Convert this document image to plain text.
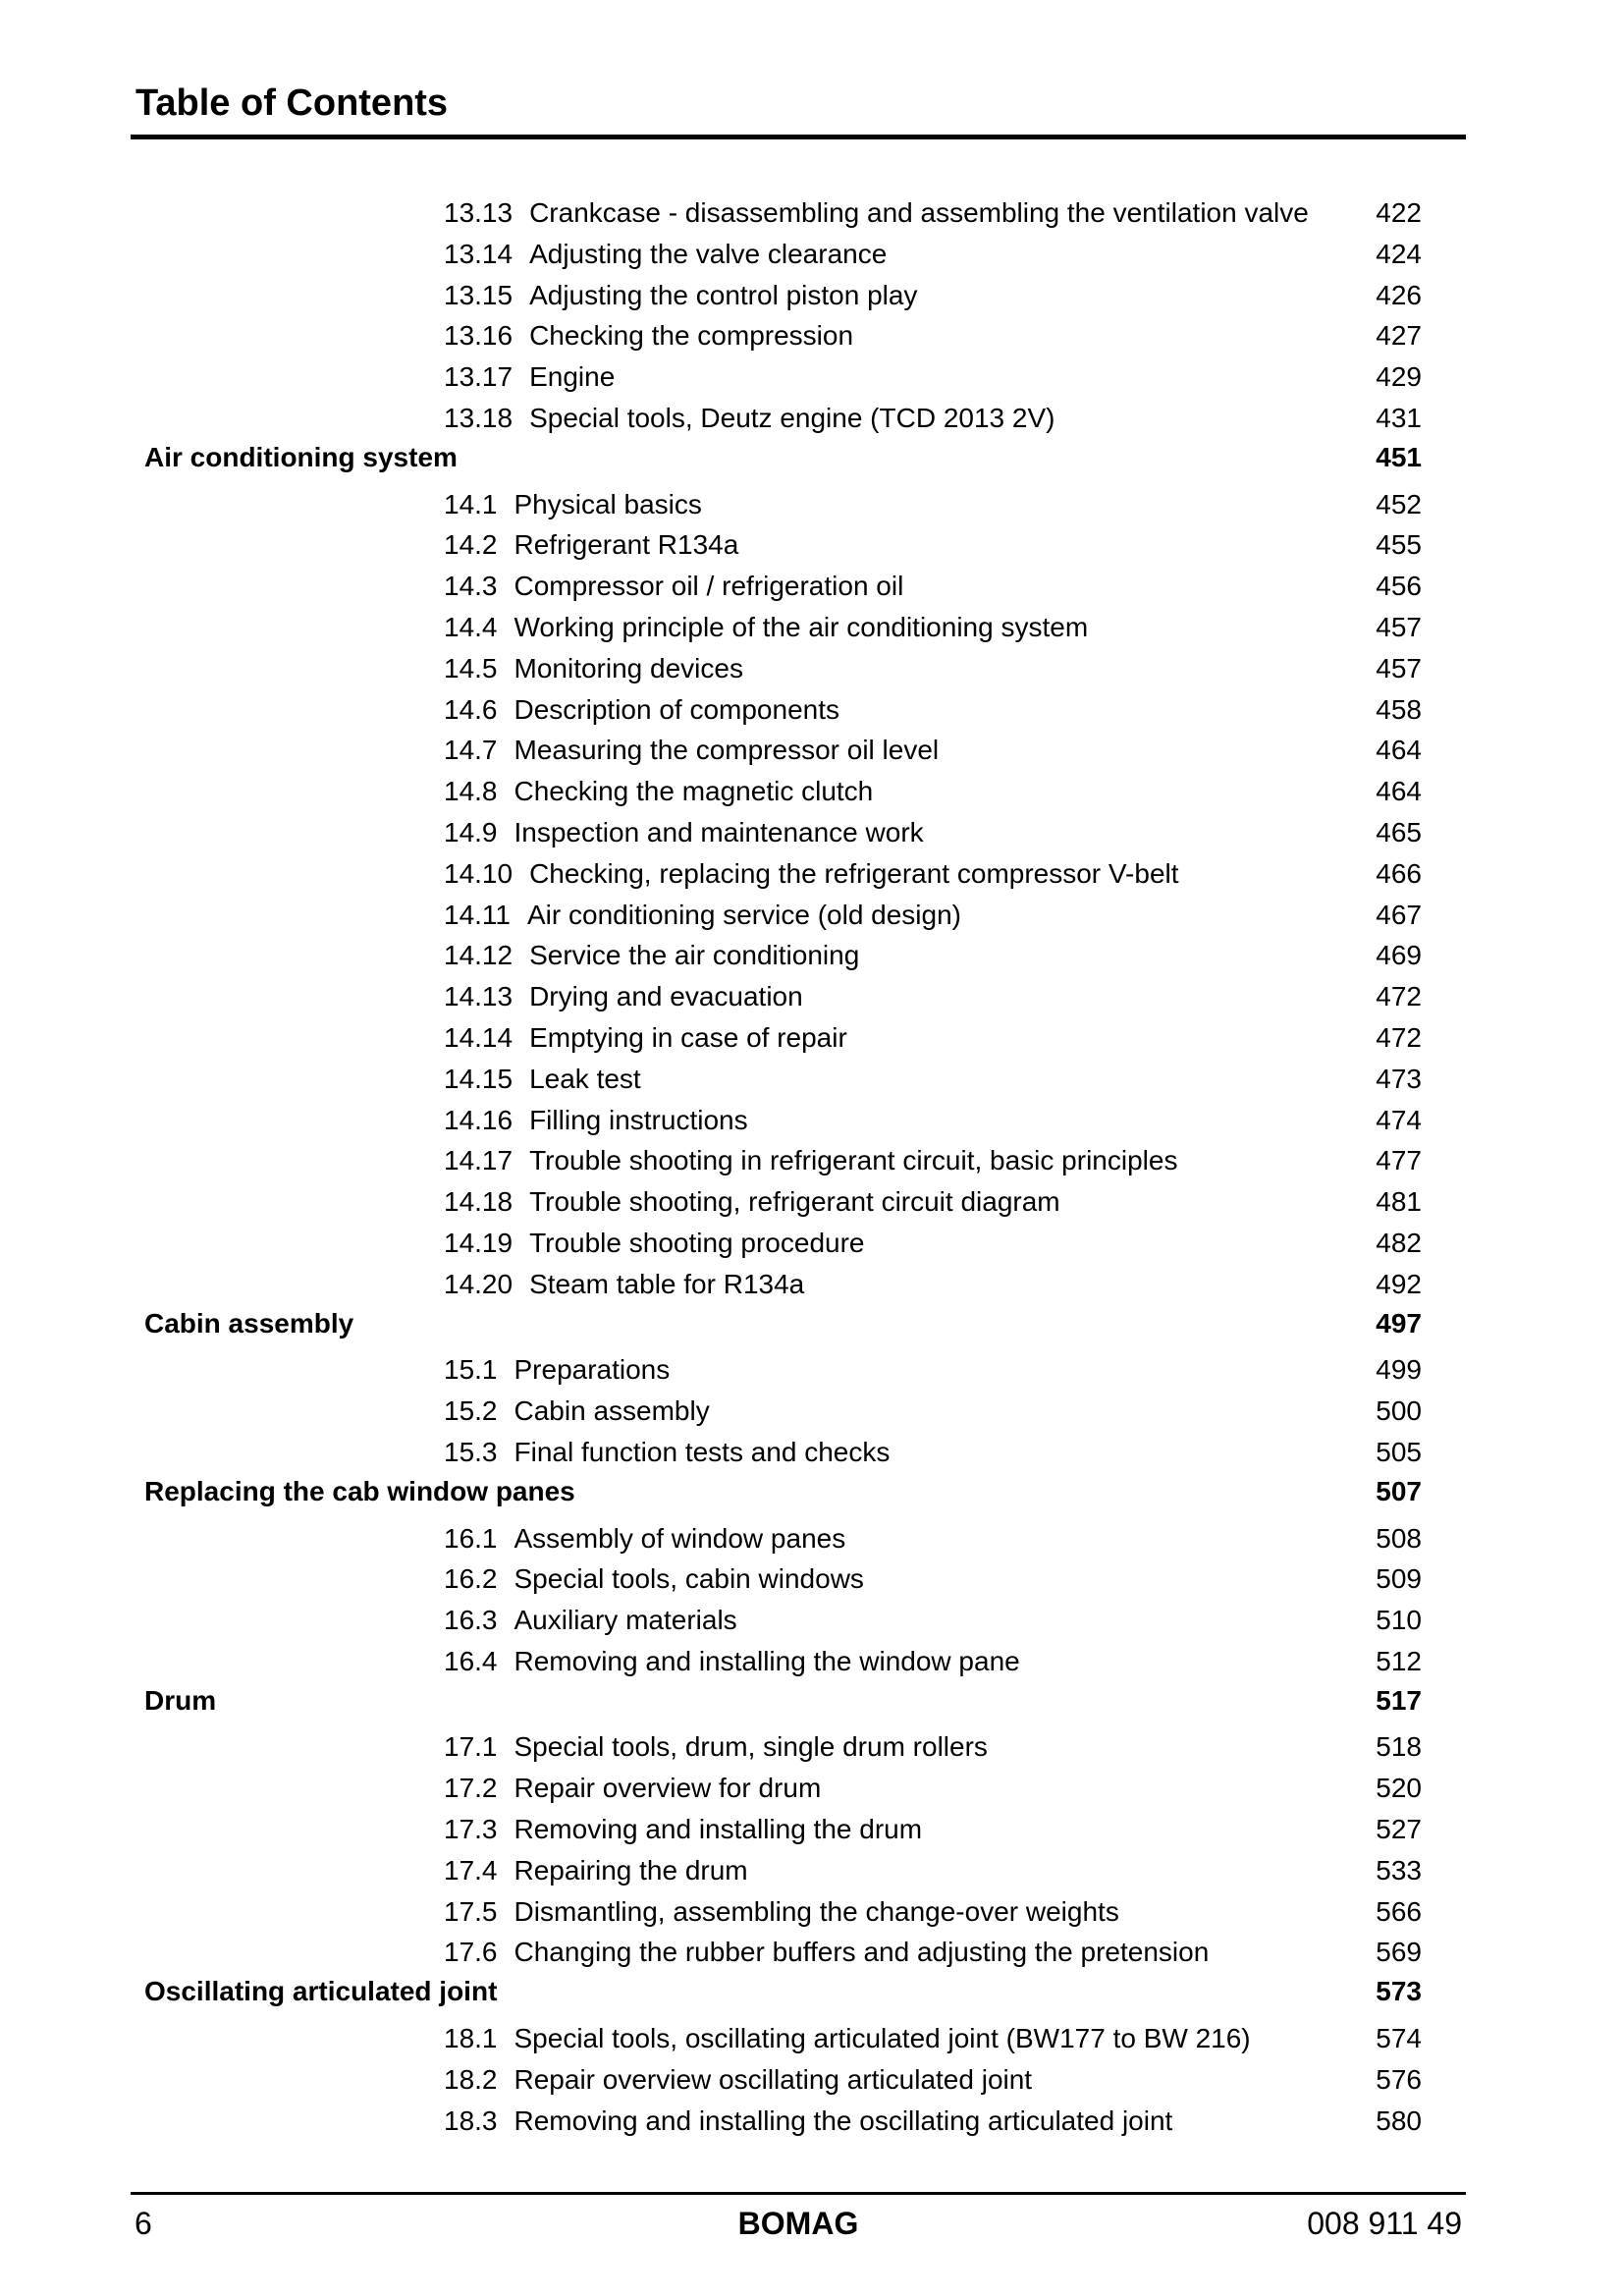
Table of Contents
13.13 Crankcase - disassembling and assembling the ventilation valve 422
13.14 Adjusting the valve clearance	424
13.15 Adjusting the control piston play	426
13.16 Checking the compression	427
13.17 Engine	429
13.18 Special tools, Deutz engine (TCD 2013 2V)	431
Air conditioning system	451
14.1 Physical basics	452
14.2 Refrigerant R134a	455
14.3 Compressor oil / refrigeration oil	456
14.4 Working principle of the air conditioning system	457
14.5 Monitoring devices	457
14.6 Description of components	458
14.7 Measuring the compressor oil level	464
14.8 Checking the magnetic clutch	464
14.9 Inspection and maintenance work	465
14.10 Checking, replacing the refrigerant compressor V-belt	466
14.11 Air conditioning service (old design)	467
14.12 Service the air conditioning	469
14.13 Drying and evacuation	472
14.14 Emptying in case of repair	472
14.15 Leak test	473
14.16 Filling instructions	474
14.17 Trouble shooting in refrigerant circuit, basic principles	477
14.18 Trouble shooting, refrigerant circuit diagram	481
14.19 Trouble shooting procedure	482
14.20 Steam table for R134a	492
Cabin assembly	497
15.1 Preparations	499
15.2 Cabin assembly	500
15.3 Final function tests and checks	505
Replacing the cab window panes	507
16.1 Assembly of window panes	508
16.2 Special tools, cabin windows	509
16.3 Auxiliary materials	510
16.4 Removing and installing the window pane	512
Drum	517
17.1 Special tools, drum, single drum rollers	518
17.2 Repair overview for drum	520
17.3 Removing and installing the drum	527
17.4 Repairing the drum	533
17.5 Dismantling, assembling the change-over weights	566
17.6 Changing the rubber buffers and adjusting the pretension	569
Oscillating articulated joint	573
18.1 Special tools, oscillating articulated joint (BW177 to BW 216)	574
18.2 Repair overview oscillating articulated joint	576
18.3 Removing and installing the oscillating articulated joint	580
6	BOMAG	008 911 49
